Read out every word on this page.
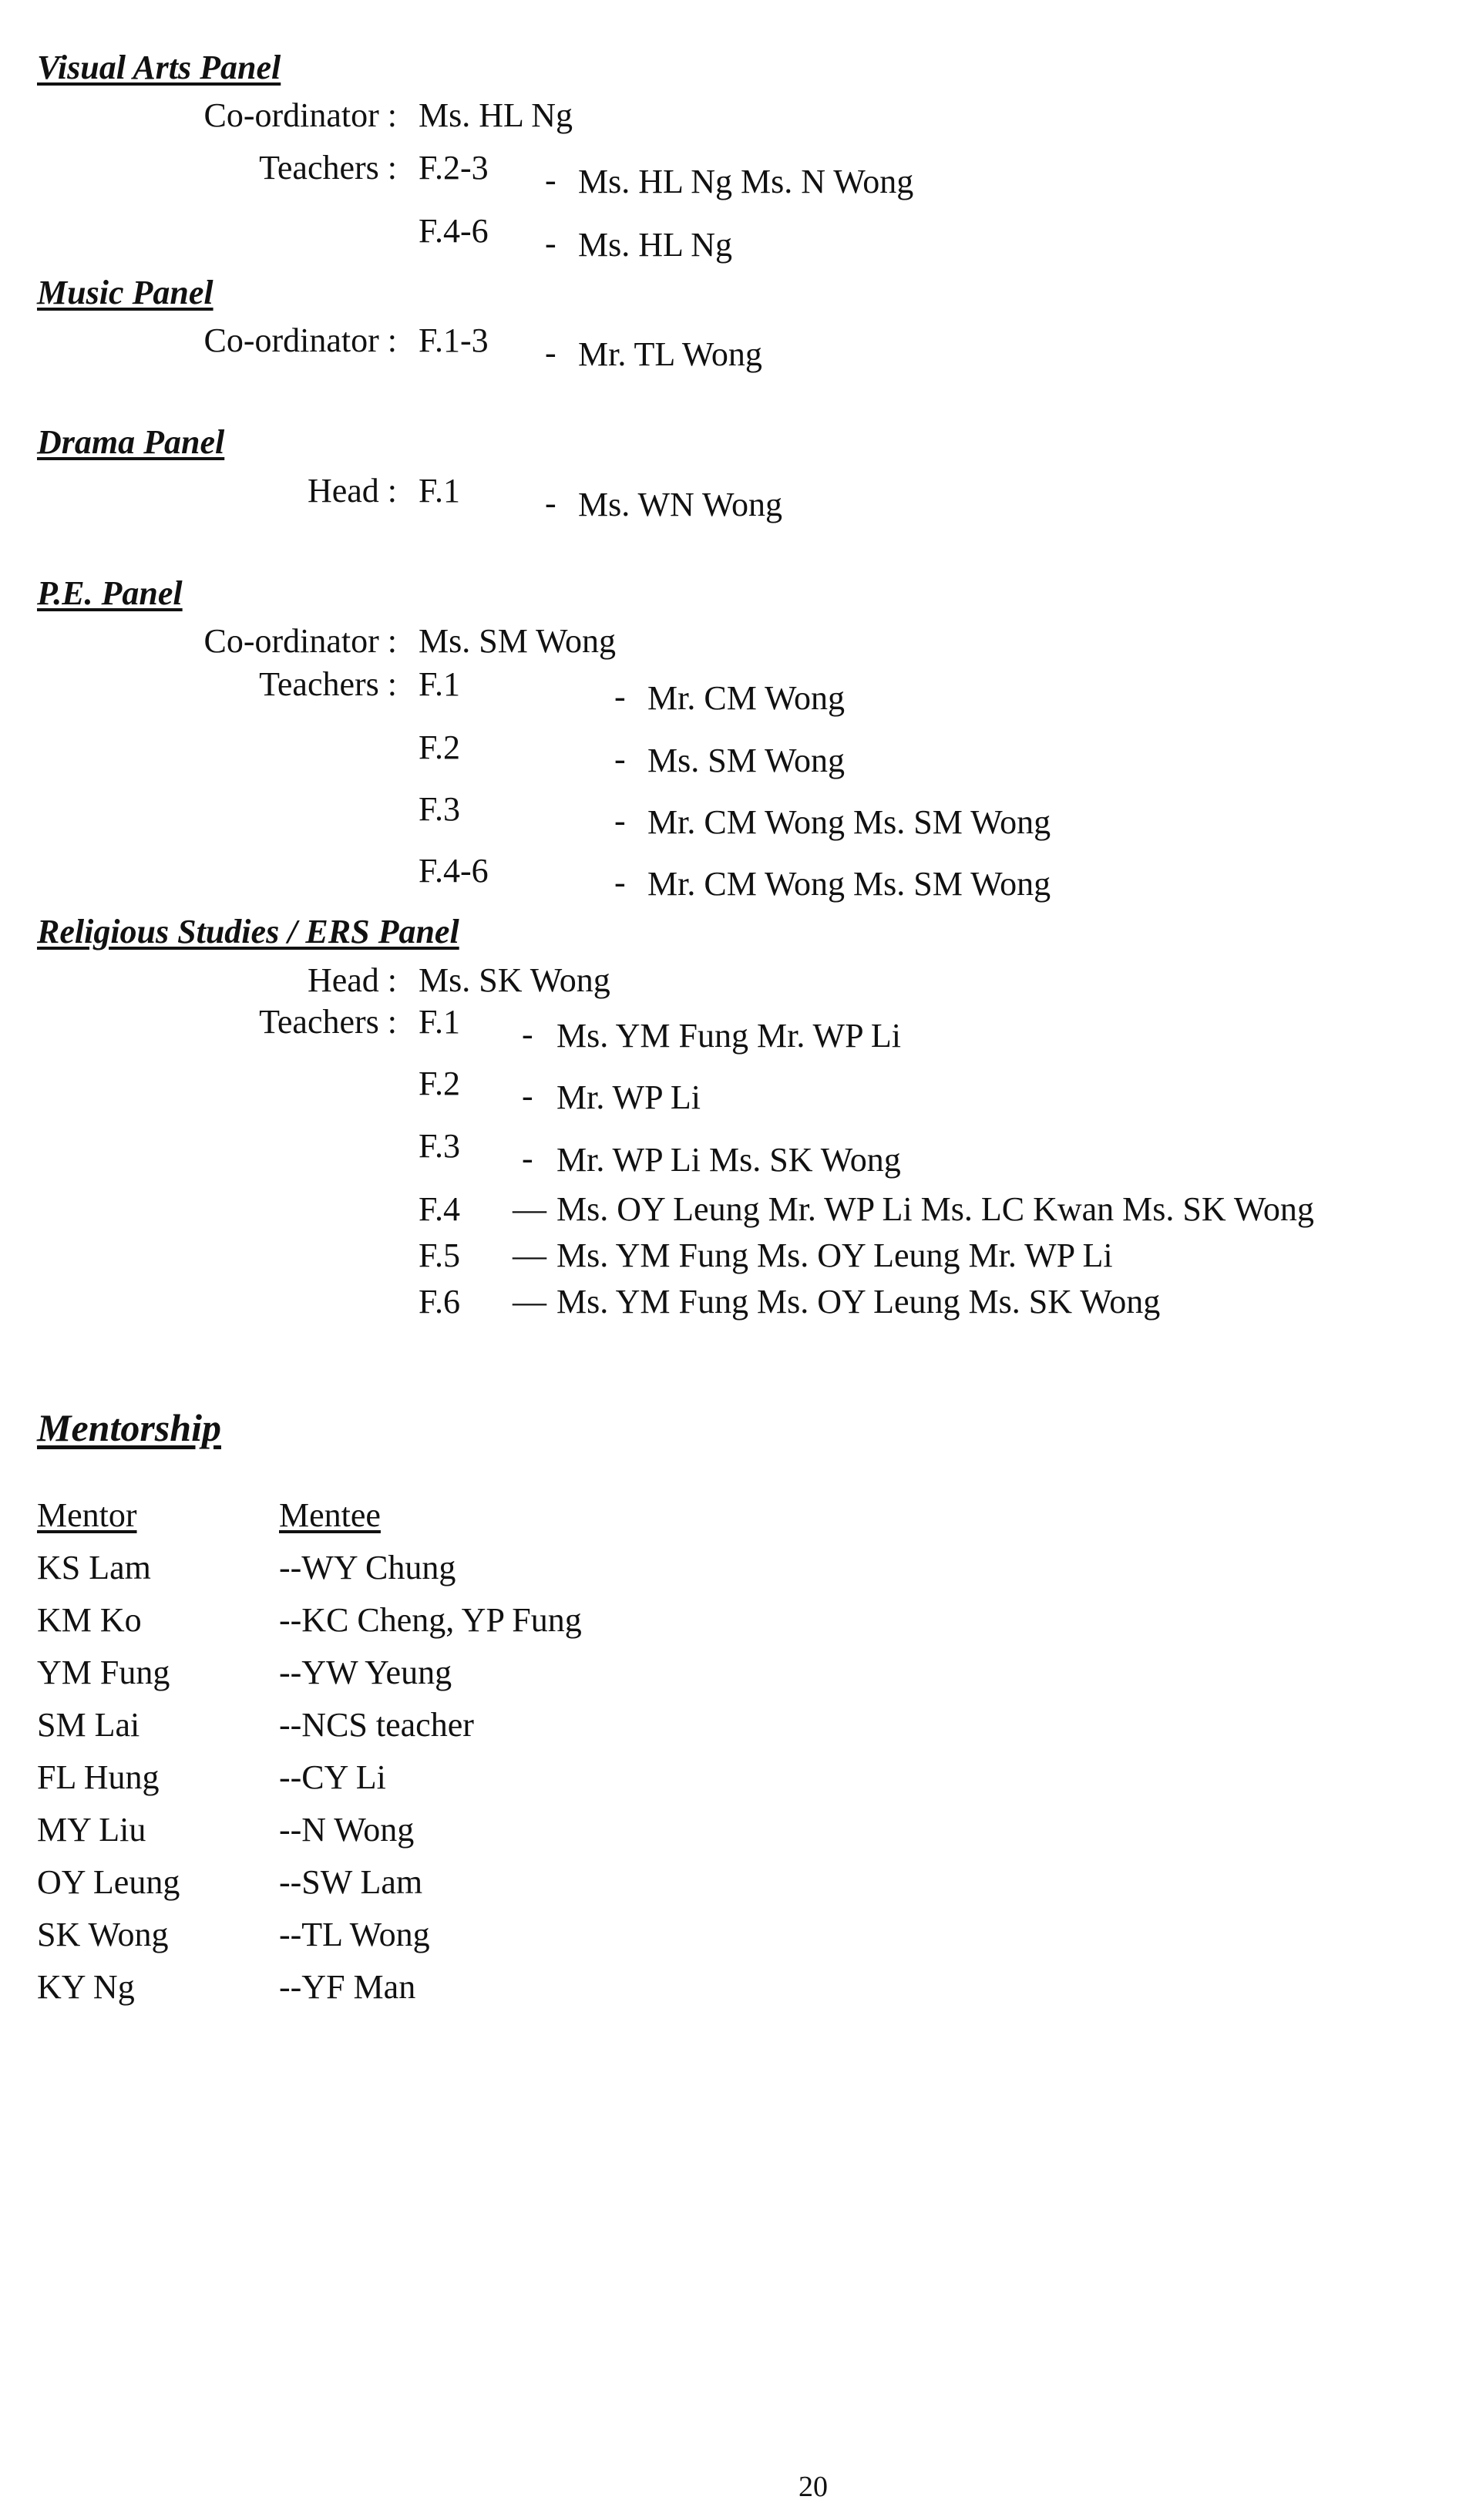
Visual Arts Panel
Co-ordinator : Ms. HL Ng
Teachers : F.2-3 - Ms. HL Ng Ms. N Wong
F.4-6 - Ms. HL Ng
Music Panel
Co-ordinator : F.1-3 - Mr. TL Wong
Drama Panel
Head : F.1	- Ms. WN Wong
P.E. Panel
Co-ordinator : Ms. SM Wong
Teachers : F.1	- Mr. CM Wong
F.2	- Ms. SM Wong
F.3	- Mr. CM Wong Ms. SM Wong
F.4-6	- Mr. CM Wong Ms. SM Wong
Religious Studies / ERS Panel
Head : Ms. SK Wong
Teachers : F.1 - Ms. YM Fung Mr. WP Li
F.2 - Mr. WP Li
F.3 - Mr. WP Li Ms. SK Wong
F.4 — Ms. OY Leung Mr. WP Li Ms. LC Kwan Ms. SK Wong
F.5 — Ms. YM Fung Ms. OY Leung Mr. WP Li
F.6 — Ms. YM Fung Ms. OY Leung Ms. SK Wong
Mentorship
Mentor	Mentee
KS Lam	--WY Chung
KM Ko	--KC Cheng, YP Fung
YM Fung	--YW Yeung
SM Lai	--NCS teacher
FL Hung	--CY Li
MY Liu	--N Wong
OY Leung	--SW Lam
SK Wong	--TL Wong
KY Ng	--YF Man
20
